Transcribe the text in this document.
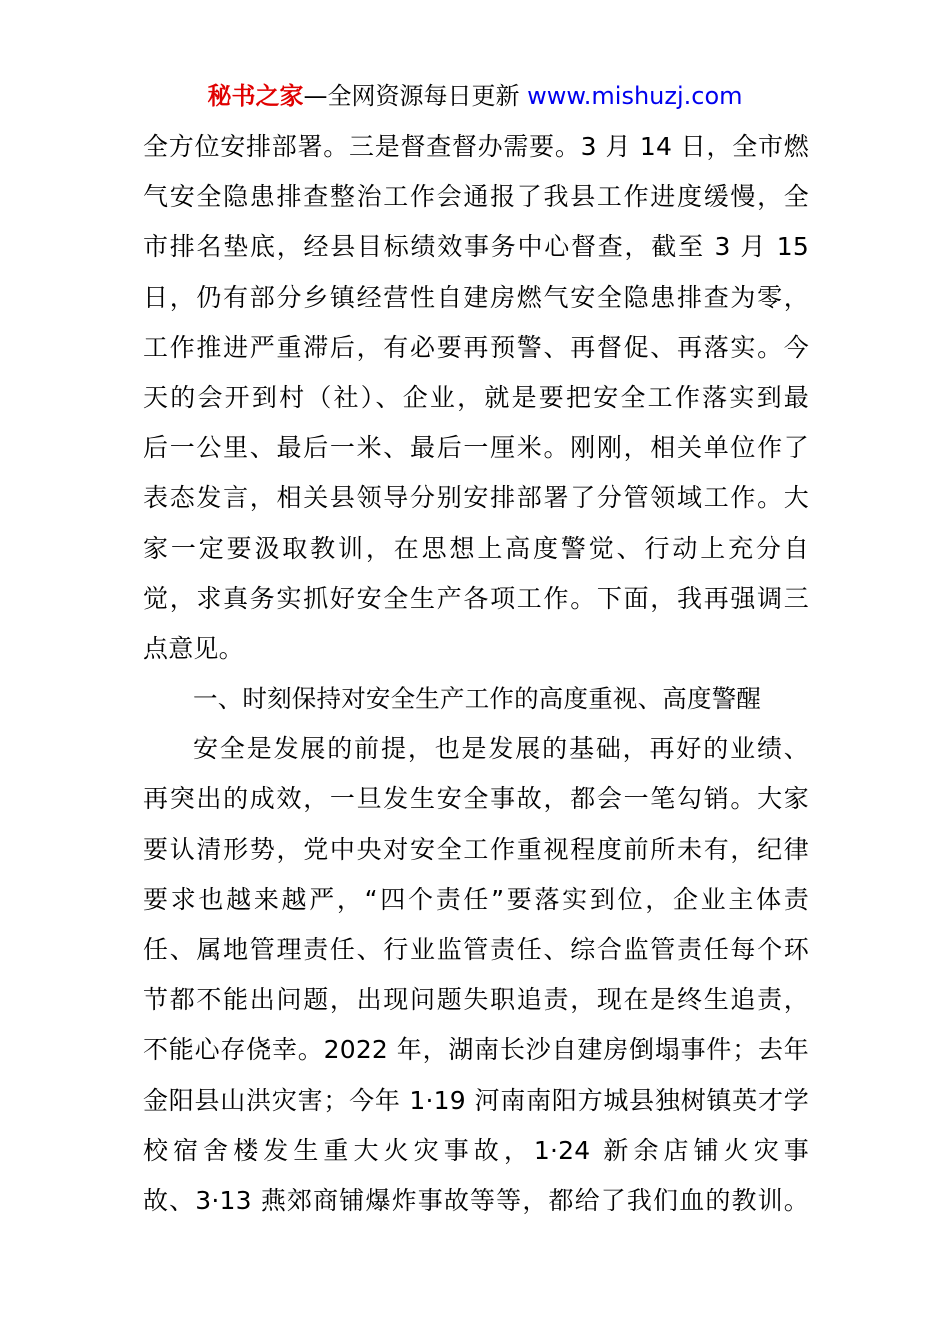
秘书之家—全网资源每日更新 www.mishuzj.com
全方位安排部署。三是督查督办需要。3 月 14 日，全市燃
气安全隐患排查整治工作会通报了我县工作进度缓慢，全
市排名垫底，经县目标绩效事务中心督查，截至 3 月 15
日，仍有部分乡镇经营性自建房燃气安全隐患排查为零，
工作推进严重滞后，有必要再预警、再督促、再落实。今
天的会开到村（社）、企业，就是要把安全工作落实到最
后一公里、最后一米、最后一厘米。刚刚，相关单位作了
表态发言，相关县领导分别安排部署了分管领域工作。大
家一定要汲取教训，在思想上高度警觉、行动上充分自
觉，求真务实抓好安全生产各项工作。下面，我再强调三
点意见。
一、时刻保持对安全生产工作的高度重视、高度警醒
安全是发展的前提，也是发展的基础，再好的业绩、
再突出的成效，一旦发生安全事故，都会一笔勾销。大家
要认清形势，党中央对安全工作重视程度前所未有，纪律
要求也越来越严，“四个责任”要落实到位，企业主体责
任、属地管理责任、行业监管责任、综合监管责任每个环
节都不能出问题，出现问题失职追责，现在是终生追责，
不能心存侥幸。2022 年，湖南长沙自建房倒塌事件；去年
金阳县山洪灾害；今年 1·19 河南南阳方城县独树镇英才学
校宿舍楼发生重大火灾事故，1·24 新余店铺火灾事
故、3·13 燕郊商铺爆炸事故等等，都给了我们血的教训。
